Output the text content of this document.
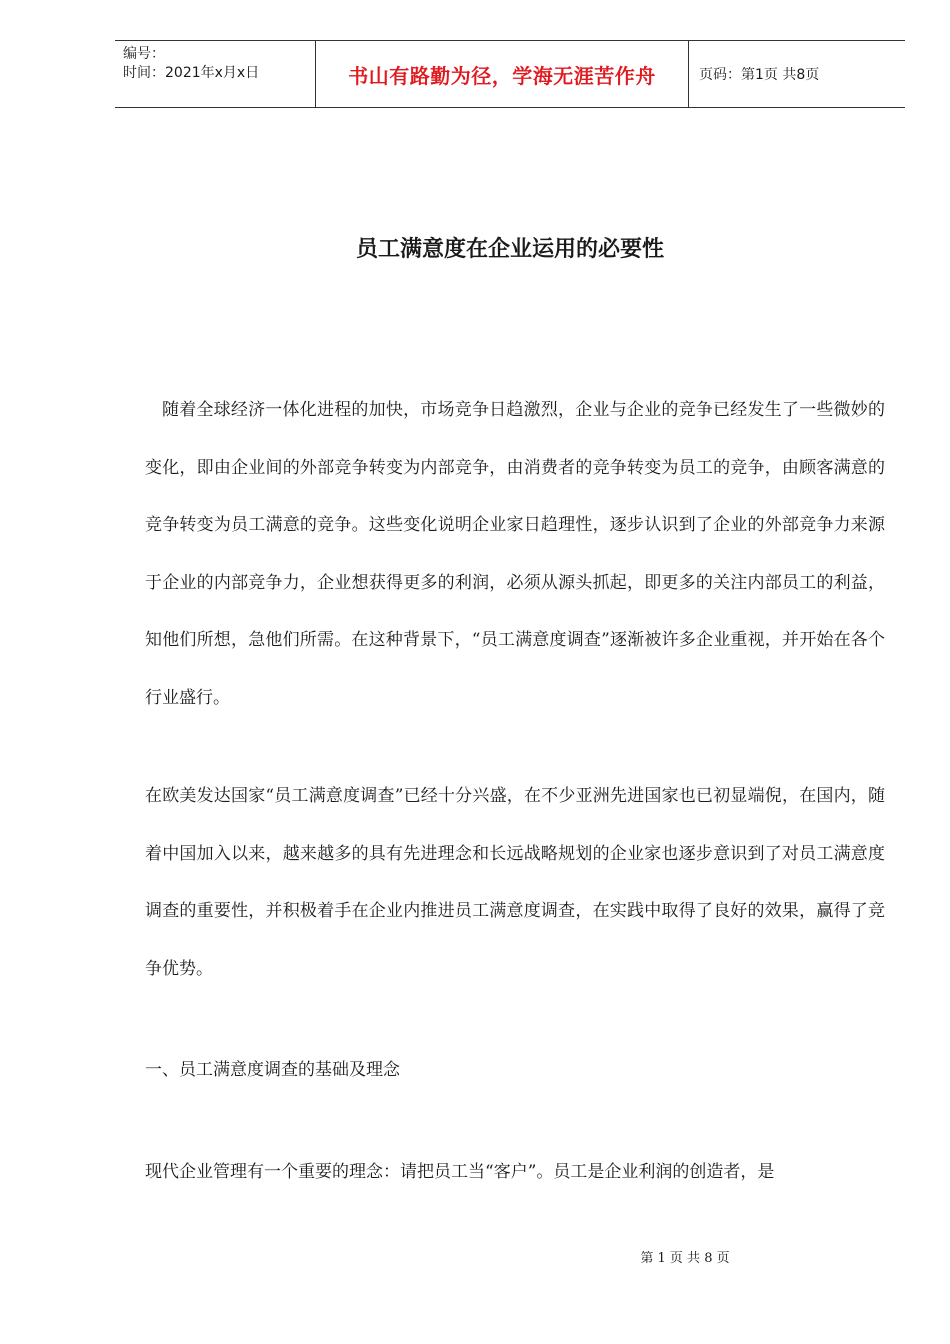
编号：
时间：2021年x月x日	书山有路勤为径，学海无涯苦作舟	页码：第1页 共8页
员工满意度在企业运用的必要性

随着全球经济一体化进程的加快，市场竞争日趋激烈，企业与企业的竞争已经发生了一些微妙的变化，即由企业间的外部竞争转变为内部竞争，由消费者的竞争转变为员工的竞争，由顾客满意的竞争转变为员工满意的竞争。这些变化说明企业家日趋理性，逐步认识到了企业的外部竞争力来源于企业的内部竞争力，企业想获得更多的利润，必须从源头抓起，即更多的关注内部员工的利益，知他们所想，急他们所需。在这种背景下，“员工满意度调查”逐渐被许多企业重视，并开始在各个行业盛行。

在欧美发达国家“员工满意度调查”已经十分兴盛，在不少亚洲先进国家也已初显端倪，在国内，随着中国加入以来，越来越多的具有先进理念和长远战略规划的企业家也逐步意识到了对员工满意度调查的重要性，并积极着手在企业内推进员工满意度调查，在实践中取得了良好的效果，赢得了竞争优势。

一、员工满意度调查的基础及理念

现代企业管理有一个重要的理念：请把员工当“客户”。员工是企业利润的创造者，是

第 1 页 共 8 页
